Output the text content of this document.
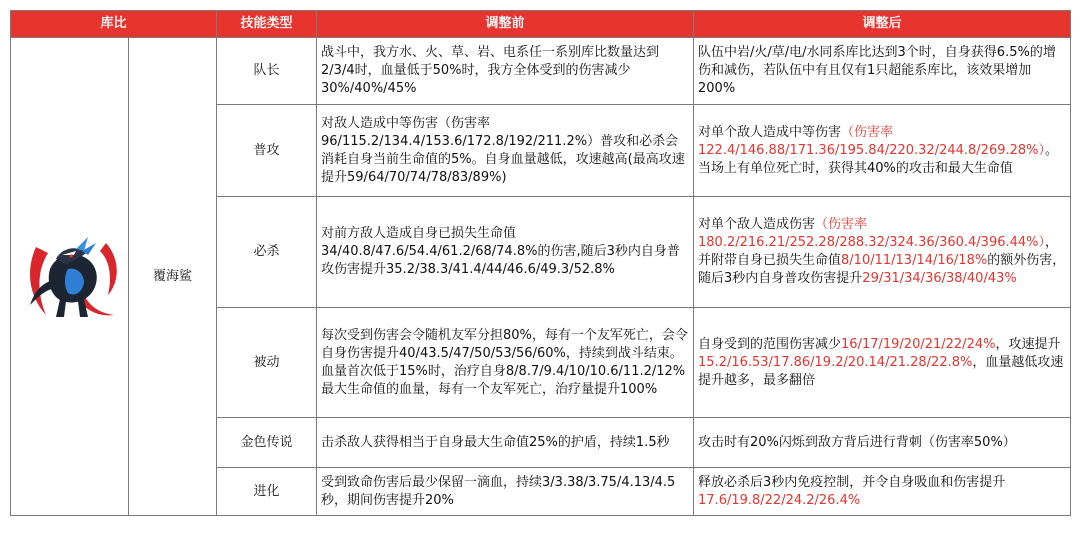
库比		技能类型	调整前	调整后

	覆海鲨	队长	战斗中，我方水、火、草、岩、电系任一系别库比数量达到2/3/4时，血量低于50%时，我方全体受到的伤害减少30%/40%/45%	队伍中岩/火/草/电/水同系库比达到3个时，自身获得6.5%的增伤和减伤，若队伍中有且仅有1只超能系库比，该效果增加200%
		普攻	对敌人造成中等伤害（伤害率96/115.2/134.4/153.6/172.8/192/211.2%）普攻和必杀会消耗自身当前生命值的5%。自身血量越低，攻速越高(最高攻速提升59/64/70/74/78/83/89%)	对单个敌人造成中等伤害（伤害率122.4/146.88/171.36/195.84/220.32/244.8/269.28%）。当场上有单位死亡时，获得其40%的攻击和最大生命值
		必杀	对前方敌人造成自身已损失生命值34/40.8/47.6/54.4/61.2/68/74.8%的伤害,随后3秒内自身普攻伤害提升35.2/38.3/41.4/44/46.6/49.3/52.8%	对单个敌人造成伤害（伤害率180.2/216.21/252.28/288.32/324.36/360.4/396.44%），并附带自身已损失生命值8/10/11/13/14/16/18%的额外伤害，随后3秒内自身普攻伤害提升29/31/34/36/38/40/43%
		被动	每次受到伤害会令随机友军分担80%，每有一个友军死亡，会令自身伤害提升40/43.5/47/50/53/56/60%，持续到战斗结束。血量首次低于15%时，治疗自身8/8.7/9.4/10/10.6/11.2/12%最大生命值的血量，每有一个友军死亡，治疗量提升100%	自身受到的范围伤害减少16/17/19/20/21/22/24%，攻速提升15.2/16.53/17.86/19.2/20.14/21.28/22.8%，血量越低攻速提升越多，最多翻倍
		金色传说	击杀敌人获得相当于自身最大生命值25%的护盾，持续1.5秒	攻击时有20%闪烁到敌方背后进行背刺（伤害率50%）
		进化	受到致命伤害后最少保留一滴血，持续3/3.38/3.75/4.13/4.5秒，期间伤害提升20%	释放必杀后3秒内免疫控制，并令自身吸血和伤害提升17.6/19.8/22/24.2/26.4%
